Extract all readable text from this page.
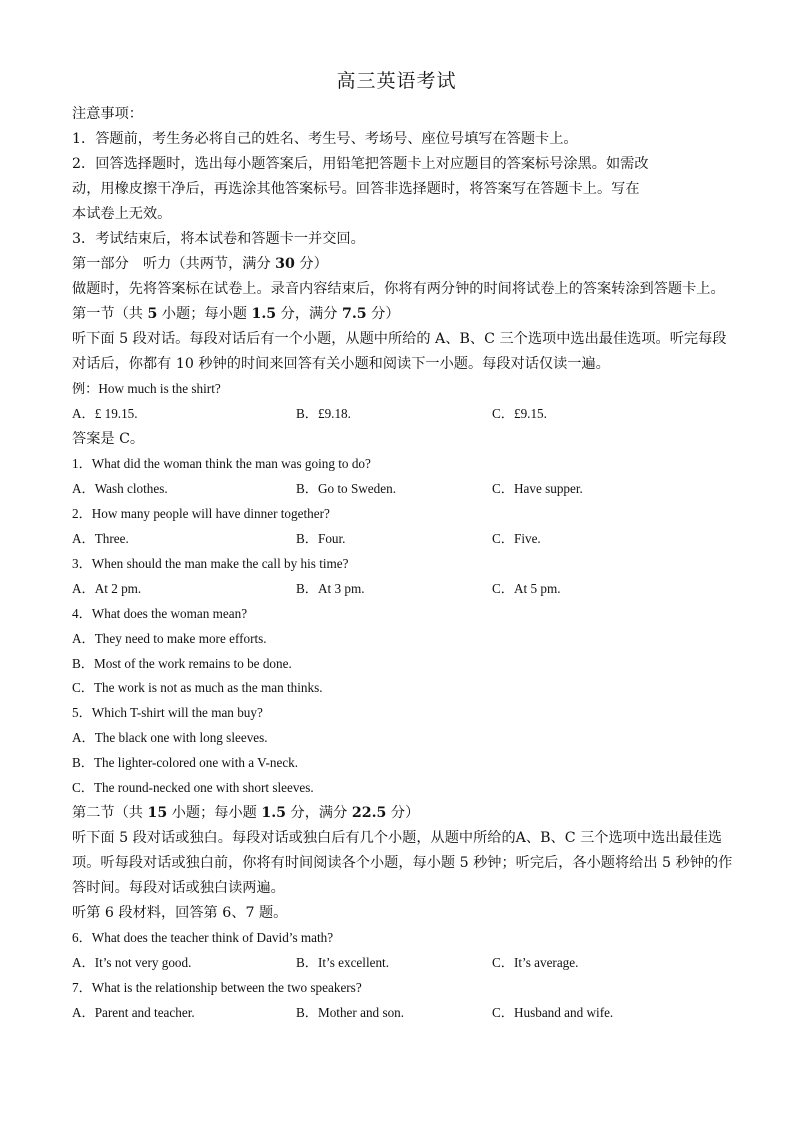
高三英语考试
注意事项：
1．答题前，考生务必将自己的姓名、考生号、考场号、座位号填写在答题卡上。
2．回答选择题时，选出每小题答案后，用铅笔把答题卡上对应题目的答案标号涂黑。如需改
动，用橡皮擦干净后，再选涂其他答案标号。回答非选择题时，将答案写在答题卡上。写在
本试卷上无效。
3．考试结束后，将本试卷和答题卡一并交回。
第一部分　听力（共两节，满分 30 分）
做题时，先将答案标在试卷上。录音内容结束后，你将有两分钟的时间将试卷上的答案转涂到答题卡上。
第一节（共 5 小题；每小题 1.5 分，满分 7.5 分）
听下面 5 段对话。每段对话后有一个小题，从题中所给的 A、B、C 三个选项中选出最佳选项。听完每段
对话后，你都有 10 秒钟的时间来回答有关小题和阅读下一小题。每段对话仅读一遍。
例：How much is the shirt?
A．£ 19.15.	B．£9.18.	C．£9.15.
答案是 C。
1．What did the woman think the man was going to do?
A．Wash clothes.	B．Go to Sweden.	C．Have supper.
2．How many people will have dinner together?
A．Three.	B．Four.	C．Five.
3．When should the man make the call by his time?
A．At 2 pm.	B．At 3 pm.	C．At 5 pm.
4．What does the woman mean?
A．They need to make more efforts.
B．Most of the work remains to be done.
C．The work is not as much as the man thinks.
5．Which T-shirt will the man buy?
A．The black one with long sleeves.
B．The lighter-colored one with a V-neck.
C．The round-necked one with short sleeves.
第二节（共 15 小题；每小题 1.5 分，满分 22.5 分）
听下面 5 段对话或独白。每段对话或独白后有几个小题，从题中所给的A、B、C 三个选项中选出最佳选
项。听每段对话或独白前，你将有时间阅读各个小题，每小题 5 秒钟；听完后，各小题将给出 5 秒钟的作
答时间。每段对话或独白读两遍。
听第 6 段材料，回答第 6、7 题。
6．What does the teacher think of David’s math?
A．It’s not very good.	B．It’s excellent.	C．It’s average.
7．What is the relationship between the two speakers?
A．Parent and teacher.	B．Mother and son.	C．Husband and wife.
